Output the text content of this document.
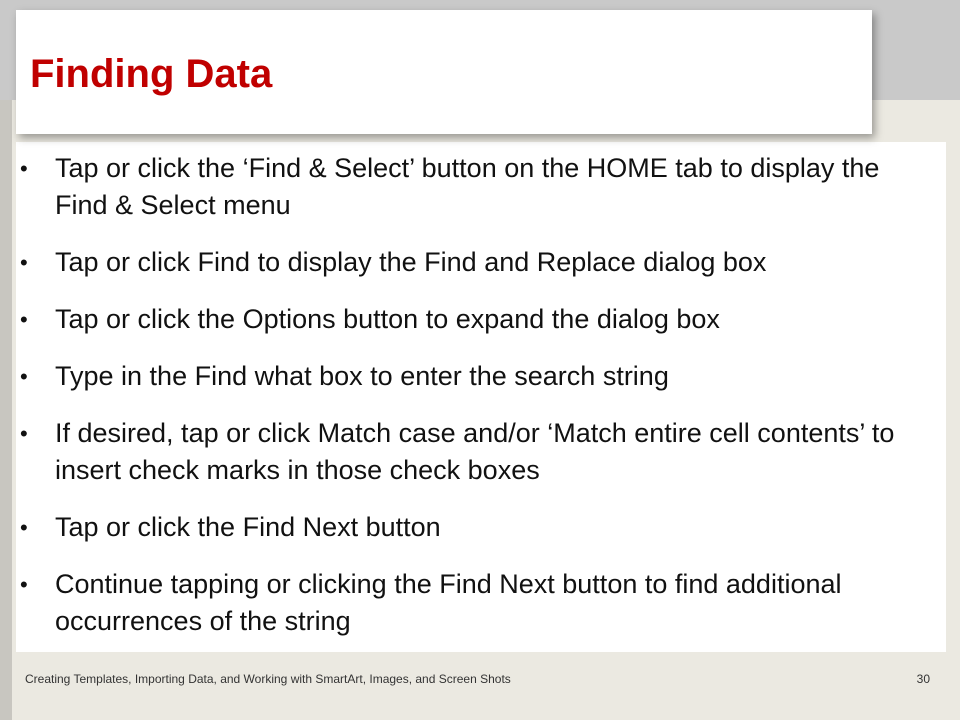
Finding Data
• Tap or click the ‘Find & Select’ button on the HOME tab to display the Find & Select menu
• Tap or click Find to display the Find and Replace dialog box
• Tap or click the Options button to expand the dialog box
• Type in the Find what box to enter the search string
• If desired, tap or click Match case and/or ‘Match entire cell contents’ to insert check marks in those check boxes
• Tap or click the Find Next button
• Continue tapping or clicking the Find Next button to find additional occurrences of the string
Creating Templates, Importing Data, and Working with SmartArt, Images, and Screen Shots	30
